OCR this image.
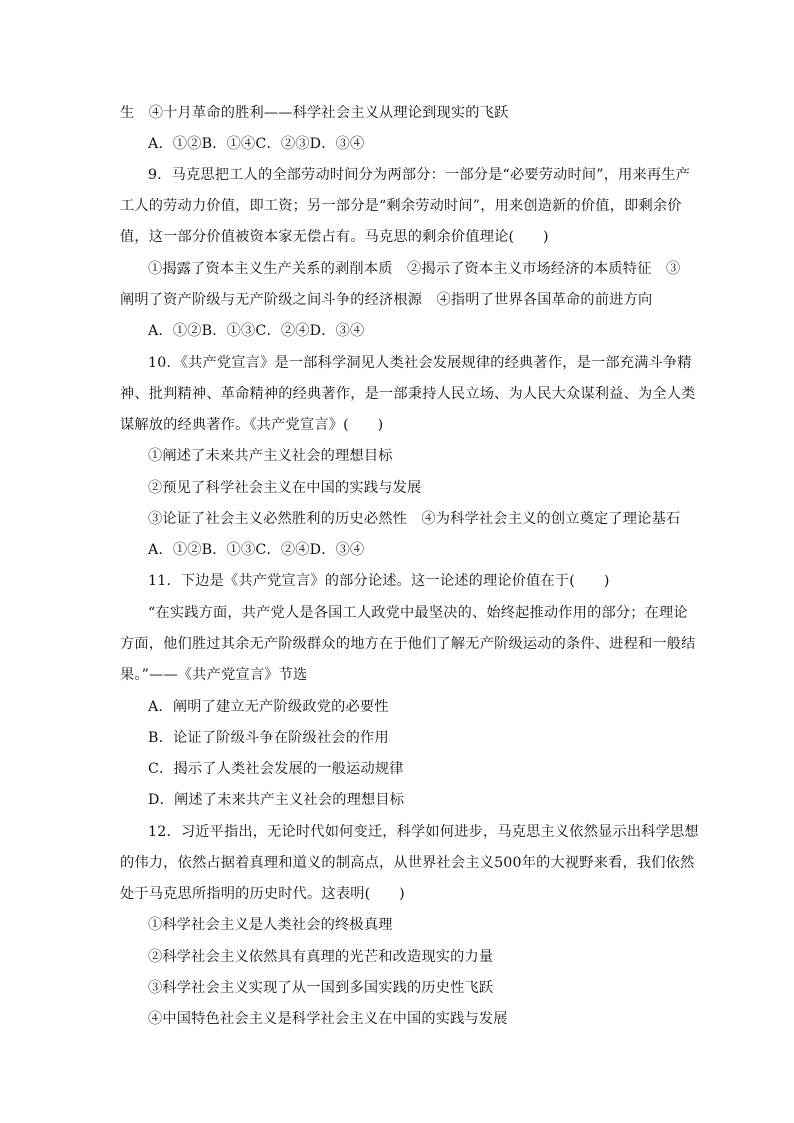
生　④十月革命的胜利——科学社会主义从理论到现实的飞跃
A．①②B．①④C．②③D．③④
9．马克思把工人的全部劳动时间分为两部分：一部分是“必要劳动时间”，用来再生产
工人的劳动力价值，即工资；另一部分是“剩余劳动时间”，用来创造新的价值，即剩余价
值，这一部分价值被资本家无偿占有。马克思的剩余价值理论(　　)
①揭露了资本主义生产关系的剥削本质　②揭示了资本主义市场经济的本质特征　③
阐明了资产阶级与无产阶级之间斗争的经济根源　④指明了世界各国革命的前进方向
A．①②B．①③C．②④D．③④
10．《共产党宣言》是一部科学洞见人类社会发展规律的经典著作，是一部充满斗争精
神、批判精神、革命精神的经典著作，是一部秉持人民立场、为人民大众谋利益、为全人类
谋解放的经典著作。《共产党宣言》(　　)
①阐述了未来共产主义社会的理想目标
②预见了科学社会主义在中国的实践与发展
③论证了社会主义必然胜利的历史必然性　④为科学社会主义的创立奠定了理论基石
A．①②B．①③C．②④D．③④
11．下边是《共产党宣言》的部分论述。这一论述的理论价值在于(　　)
“在实践方面，共产党人是各国工人政党中最坚决的、始终起推动作用的部分；在理论
方面，他们胜过其余无产阶级群众的地方在于他们了解无产阶级运动的条件、进程和一般结
果。”——《共产党宣言》节选
A．阐明了建立无产阶级政党的必要性
B．论证了阶级斗争在阶级社会的作用
C．揭示了人类社会发展的一般运动规律
D．阐述了未来共产主义社会的理想目标
12．习近平指出，无论时代如何变迁，科学如何进步，马克思主义依然显示出科学思想
的伟力，依然占据着真理和道义的制高点，从世界社会主义500年的大视野来看，我们依然
处于马克思所指明的历史时代。这表明(　　)
①科学社会主义是人类社会的终极真理
②科学社会主义依然具有真理的光芒和改造现实的力量
③科学社会主义实现了从一国到多国实践的历史性飞跃
④中国特色社会主义是科学社会主义在中国的实践与发展
